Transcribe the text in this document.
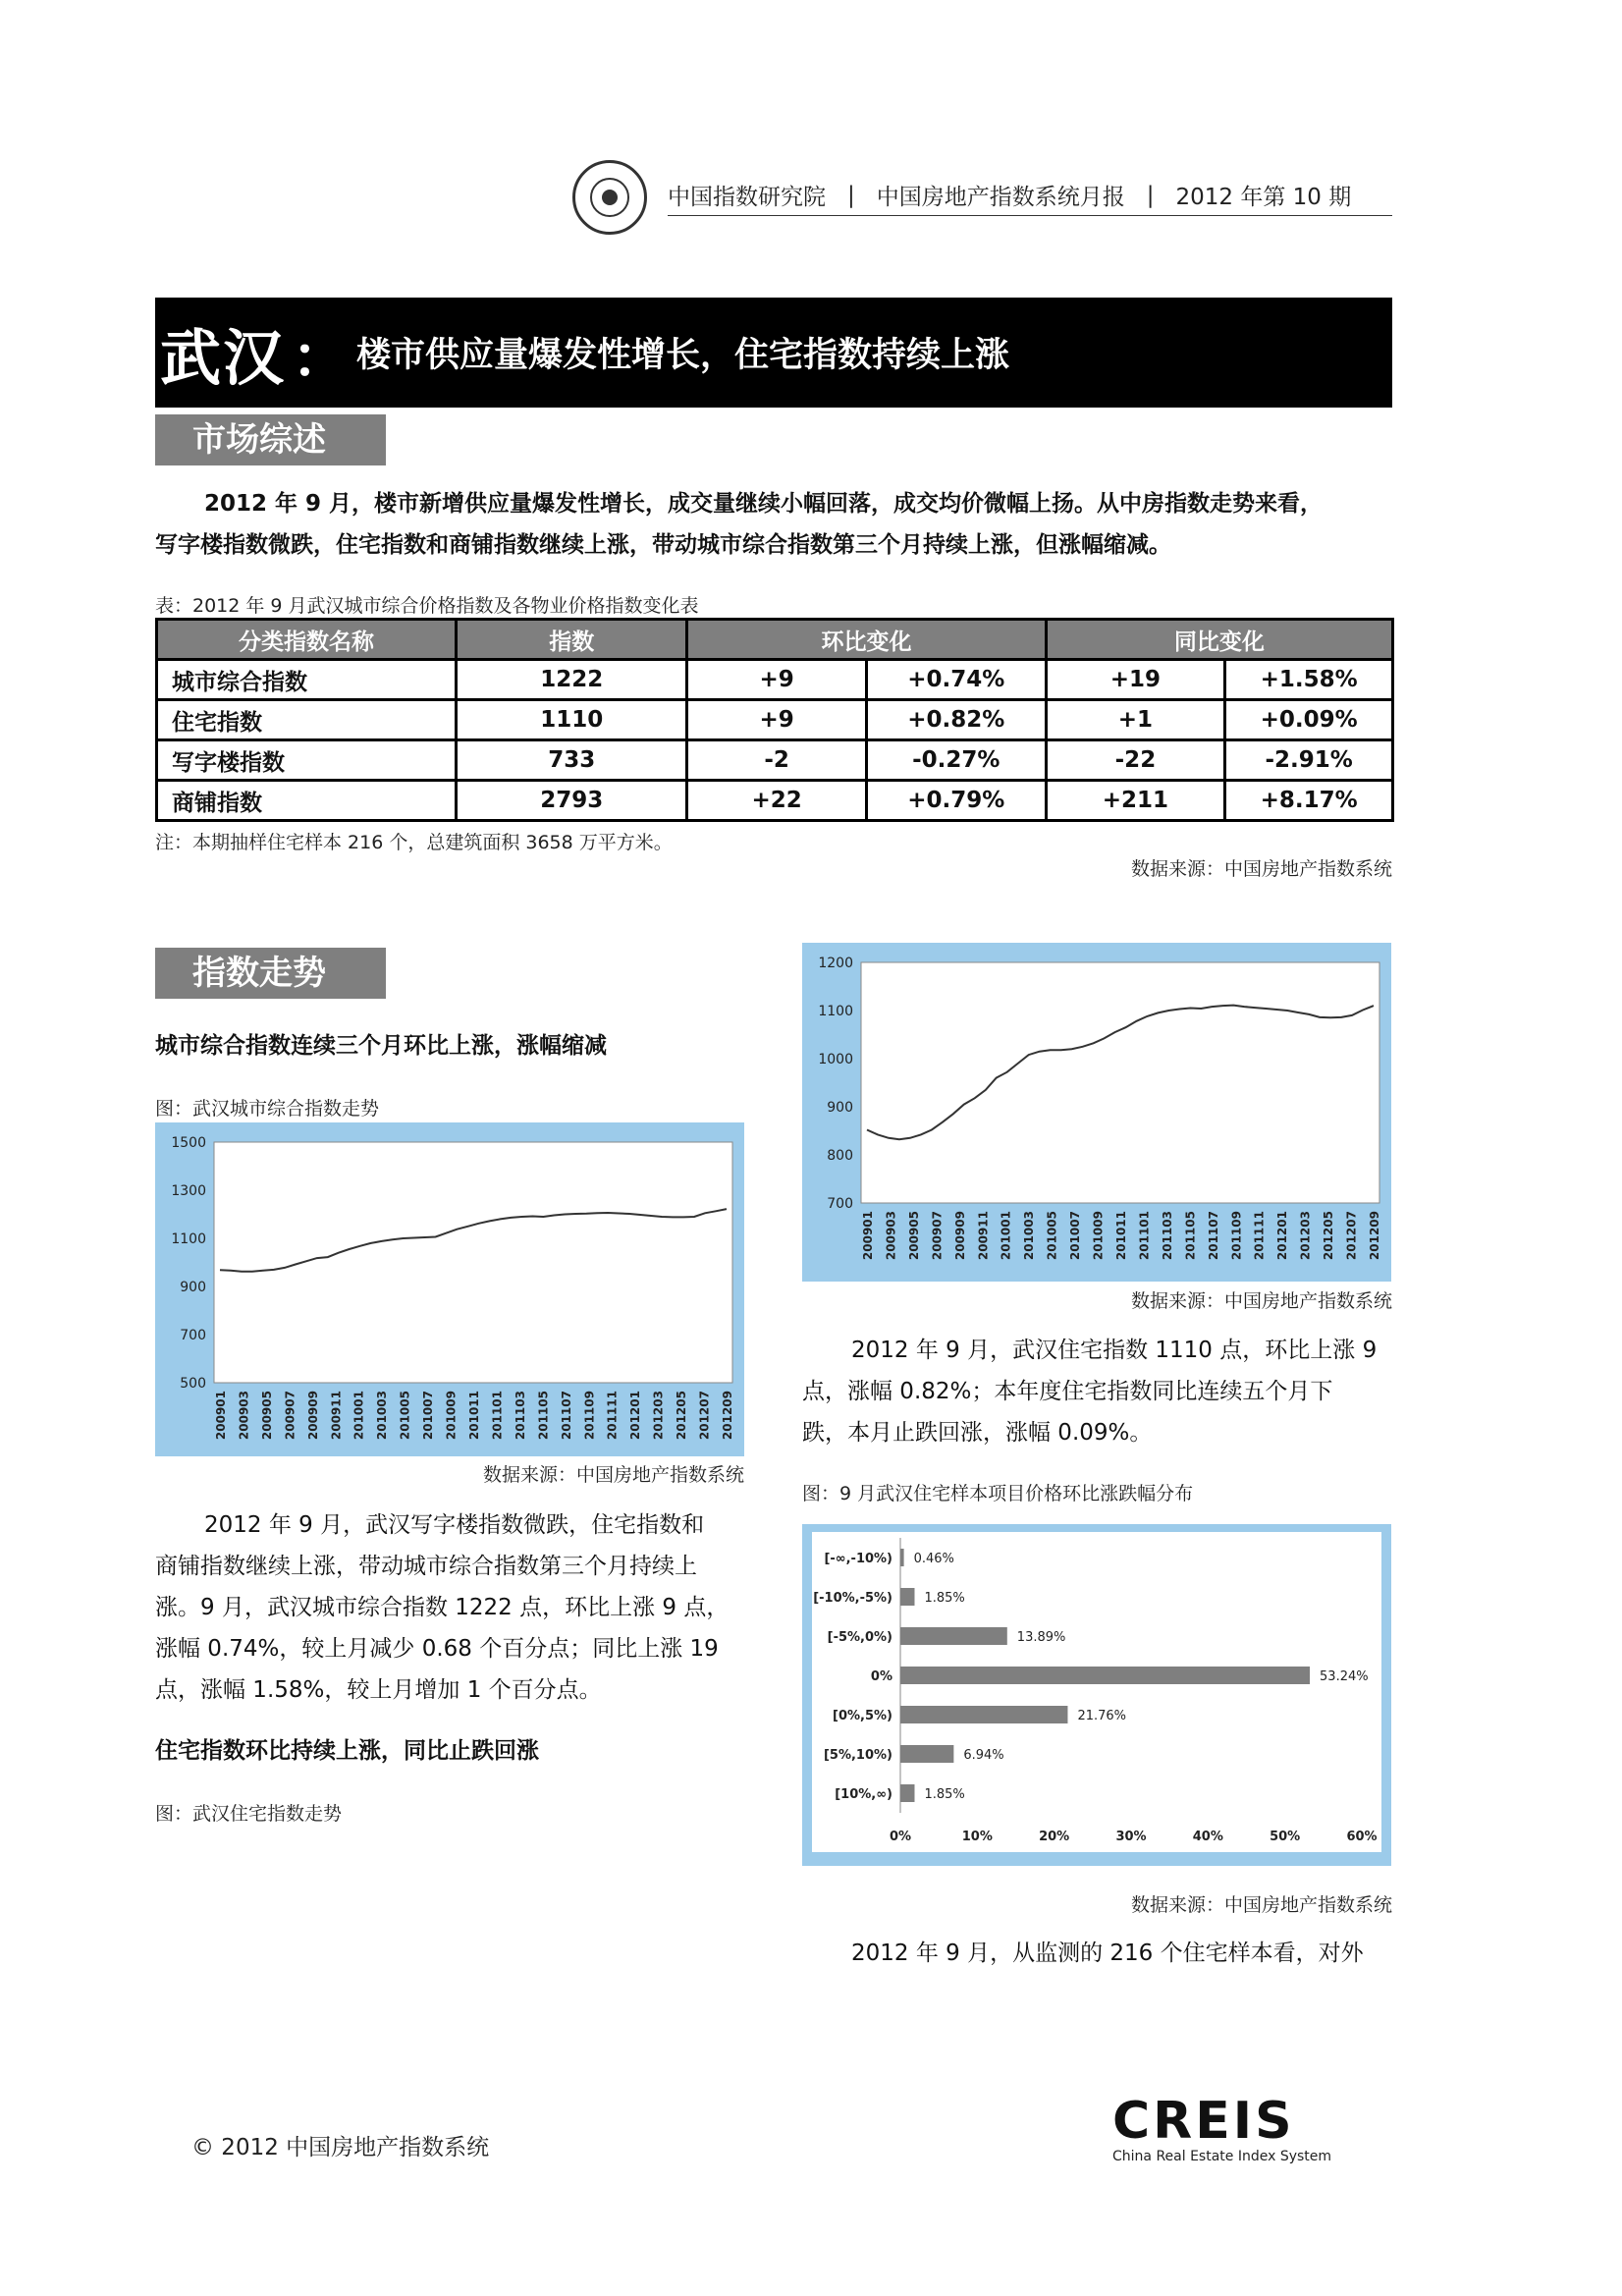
中国指数研究院 | 中国房地产指数系统月报 | 2012 年第 10 期
武汉 ： 楼市供应量爆发性增长，住宅指数持续上涨
市场综述
2012 年 9 月，楼市新增供应量爆发性增长，成交量继续小幅回落，成交均价微幅上扬。从中房指数走势来看，
写字楼指数微跌，住宅指数和商铺指数继续上涨，带动城市综合指数第三个月持续上涨，但涨幅缩减。
表：2012 年 9 月武汉城市综合价格指数及各物业价格指数变化表
分类指数名称	指数	环比变化		同比变化	
城市综合指数	1222	+9	+0.74%	+19	+1.58%
住宅指数	1110	+9	+0.82%	+1	+0.09%
写字楼指数	733	-2	-0.27%	-22	-2.91%
商铺指数	2793	+22	+0.79%	+211	+8.17%
注：本期抽样住宅样本 216 个，总建筑面积 3658 万平方米。
数据来源：中国房地产指数系统
指数走势
城市综合指数连续三个月环比上涨，涨幅缩减
图：武汉城市综合指数走势
500
700
900
1100
1300
1500
200901 200903 200905 200907 200909 200911 201001 201003 201005 201007 201009 201011 201101 201103 201105 201107 201109 201111 201201 201203 201205 201207 201209
数据来源：中国房地产指数系统
2012 年 9 月，武汉写字楼指数微跌，住宅指数和
商铺指数继续上涨，带动城市综合指数第三个月持续上
涨。9 月，武汉城市综合指数 1222 点，环比上涨 9 点，
涨幅 0.74%，较上月减少 0.68 个百分点；同比上涨 19
点，涨幅 1.58%，较上月增加 1 个百分点。
住宅指数环比持续上涨，同比止跌回涨
图：武汉住宅指数走势
700
800
900
1000
1100
1200
200901 200903 200905 200907 200909 200911 201001 201003 201005 201007 201009 201011 201101 201103 201105 201107 201109 201111 201201 201203 201205 201207 201209
数据来源：中国房地产指数系统
2012 年 9 月，武汉住宅指数 1110 点，环比上涨 9
点，涨幅 0.82%；本年度住宅指数同比连续五个月下
跌，本月止跌回涨，涨幅 0.09%。
图：9 月武汉住宅样本项目价格环比涨跌幅分布
[-∞,-10%) 0.46%
[-10%,-5%) 1.85%
[-5%,0%)	13.89%
0%	53.24%
[0%,5%)	21.76%
[5%,10%)	6.94%
[10%,∞) 1.85%
0%	10%	20%	30%	40%	50%	60%
数据来源：中国房地产指数系统
2012 年 9 月，从监测的 216 个住宅样本看，对外
© 2012 中国房地产指数系统	CREIS
China Real Estate Index System
